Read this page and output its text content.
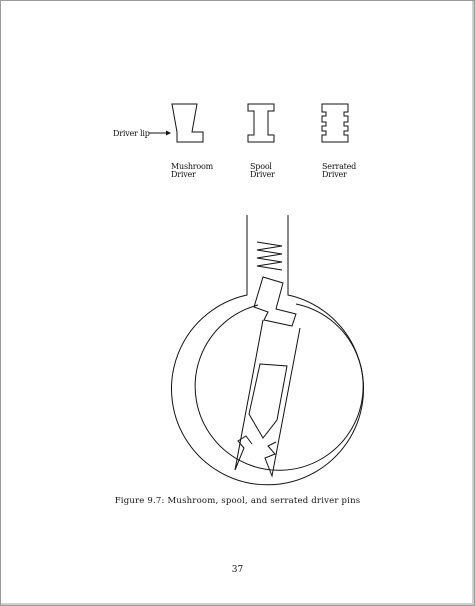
Driver lip
Mushroom
Driver
Spool
Driver
Serrated
Driver
Figure 9.7: Mushroom, spool, and serrated driver pins
37
